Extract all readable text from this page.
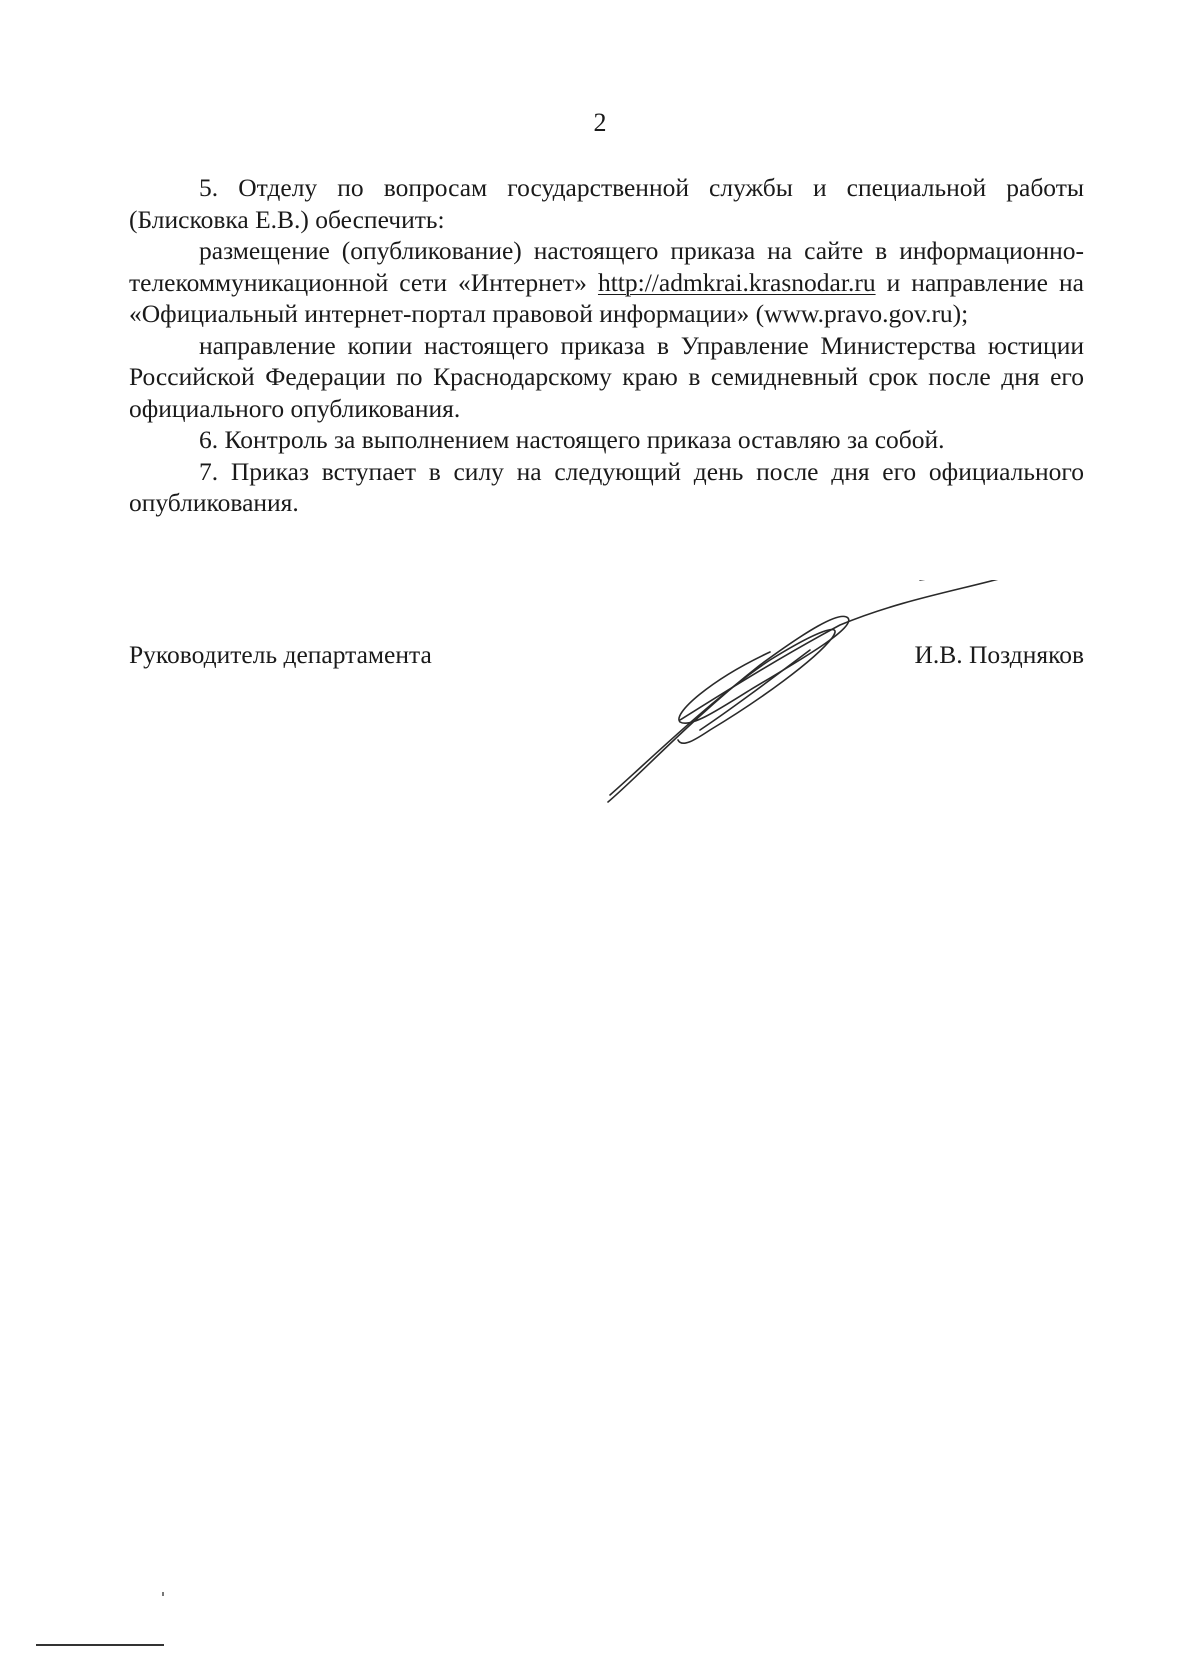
2

5. Отделу по вопросам государственной службы и специальной работы (Блисковка Е.В.) обеспечить:

размещение (опубликование) настоящего приказа на сайте в информационно-телекоммуникационной сети «Интернет» http://admkrai.krasnodar.ru и направление на «Официальный интернет-портал правовой информации» (www.pravo.gov.ru);

направление копии настоящего приказа в Управление Министерства юстиции Российской Федерации по Краснодарскому краю в семидневный срок после дня его официального опубликования.

6. Контроль за выполнением настоящего приказа оставляю за собой.

7. Приказ вступает в силу на следующий день после дня его официального опубликования.

Руководитель департамента	И.В. Поздняков
